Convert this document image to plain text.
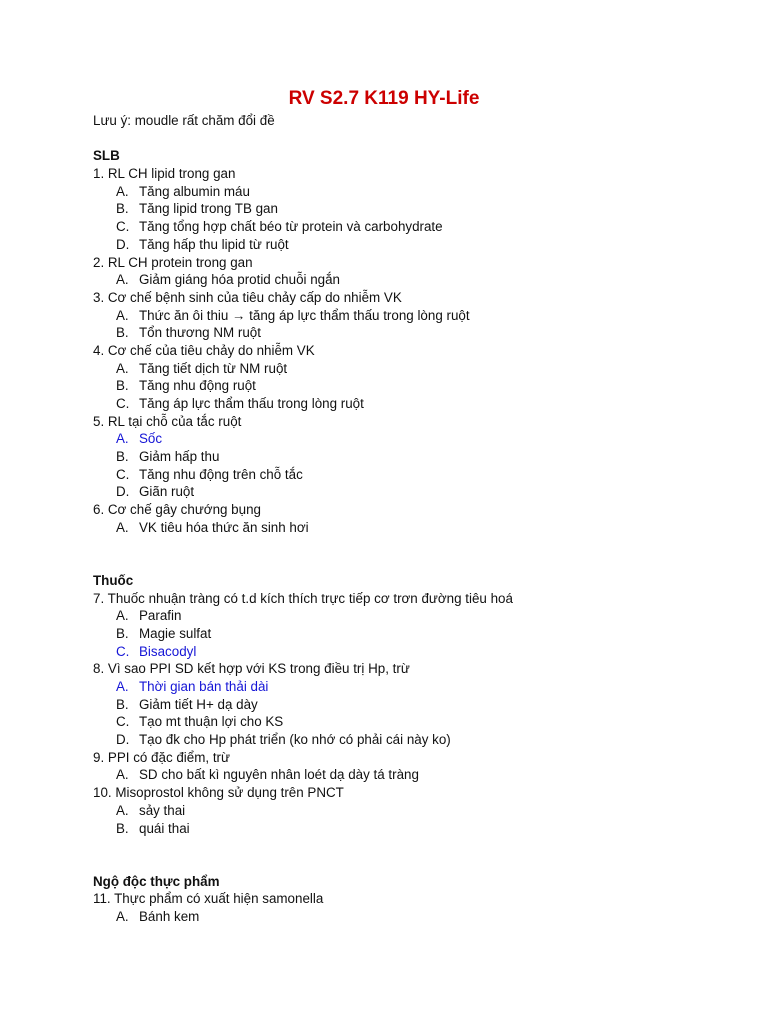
RV S2.7 K119 HY-Life
Lưu ý: moudle rất chăm đổi đề
SLB
1. RL CH lipid trong gan
A. Tăng albumin máu
B. Tăng lipid trong TB gan
C. Tăng tổng hợp chất béo từ protein và carbohydrate
D. Tăng hấp thu lipid từ ruột
2. RL CH protein trong gan
A. Giảm giáng hóa protid chuỗi ngắn
3. Cơ chế bệnh sinh của tiêu chảy cấp do nhiễm VK
A. Thức ăn ôi thiu → tăng áp lực thẩm thấu trong lòng ruột
B. Tổn thương NM ruột
4. Cơ chế của tiêu chảy do nhiễm VK
A. Tăng tiết dịch từ NM ruột
B. Tăng nhu động ruột
C. Tăng áp lực thẩm thấu trong lòng ruột
5. RL tại chỗ của tắc ruột
A. Sốc
B. Giảm hấp thu
C. Tăng nhu động trên chỗ tắc
D. Giãn ruột
6. Cơ chế gây chướng bụng
A. VK tiêu hóa thức ăn sinh hơi
Thuốc
7. Thuốc nhuận tràng có t.d kích thích trực tiếp cơ trơn đường tiêu hoá
A. Parafin
B. Magie sulfat
C. Bisacodyl
8. Vì sao PPI SD kết hợp với KS trong điều trị Hp, trừ
A. Thời gian bán thải dài
B. Giảm tiết H+ dạ dày
C. Tạo mt thuận lợi cho KS
D. Tạo đk cho Hp phát triển (ko nhớ có phải cái này ko)
9. PPI có đặc điểm, trừ
A. SD cho bất kì nguyên nhân loét dạ dày tá tràng
10. Misoprostol không sử dụng trên PNCT
A. sảy thai
B. quái thai
Ngộ độc thực phẩm
11. Thực phẩm có xuất hiện samonella
A. Bánh kem
